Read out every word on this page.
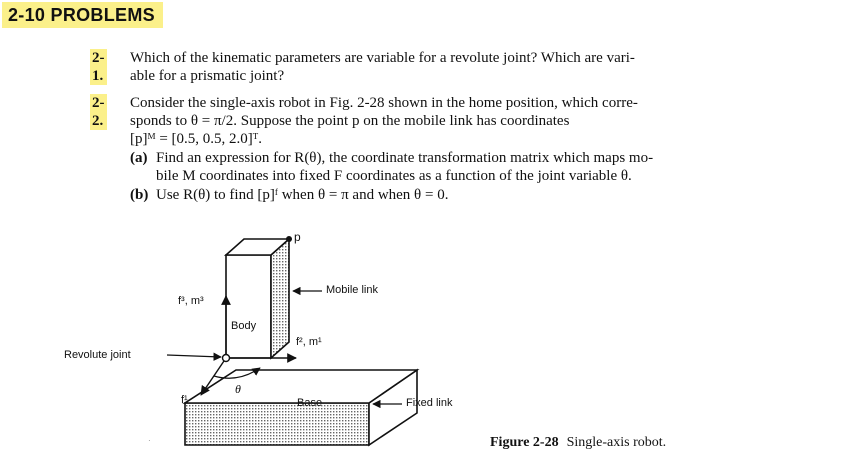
2-10 PROBLEMS
2-1.
Which of the kinematic parameters are variable for a revolute joint? Which are vari-
able for a prismatic joint?
2-2.
Consider the single-axis robot in Fig. 2-28 shown in the home position, which corre-
sponds to θ = π/2. Suppose the point p on the mobile link has coordinates
[p]ᴹ = [0.5, 0.5, 2.0]ᵀ.
(a) Find an expression for R(θ), the coordinate transformation matrix which maps mo-
bile M coordinates into fixed F coordinates as a function of the joint variable θ.
(b) Use R(θ) to find [p]ᶠ when θ = π and when θ = 0.
·
p
Mobile link
f³, m³
Body
f², m¹
Revolute joint
θ
f¹	Base	Fixed link
Figure 2-28 Single-axis robot.
